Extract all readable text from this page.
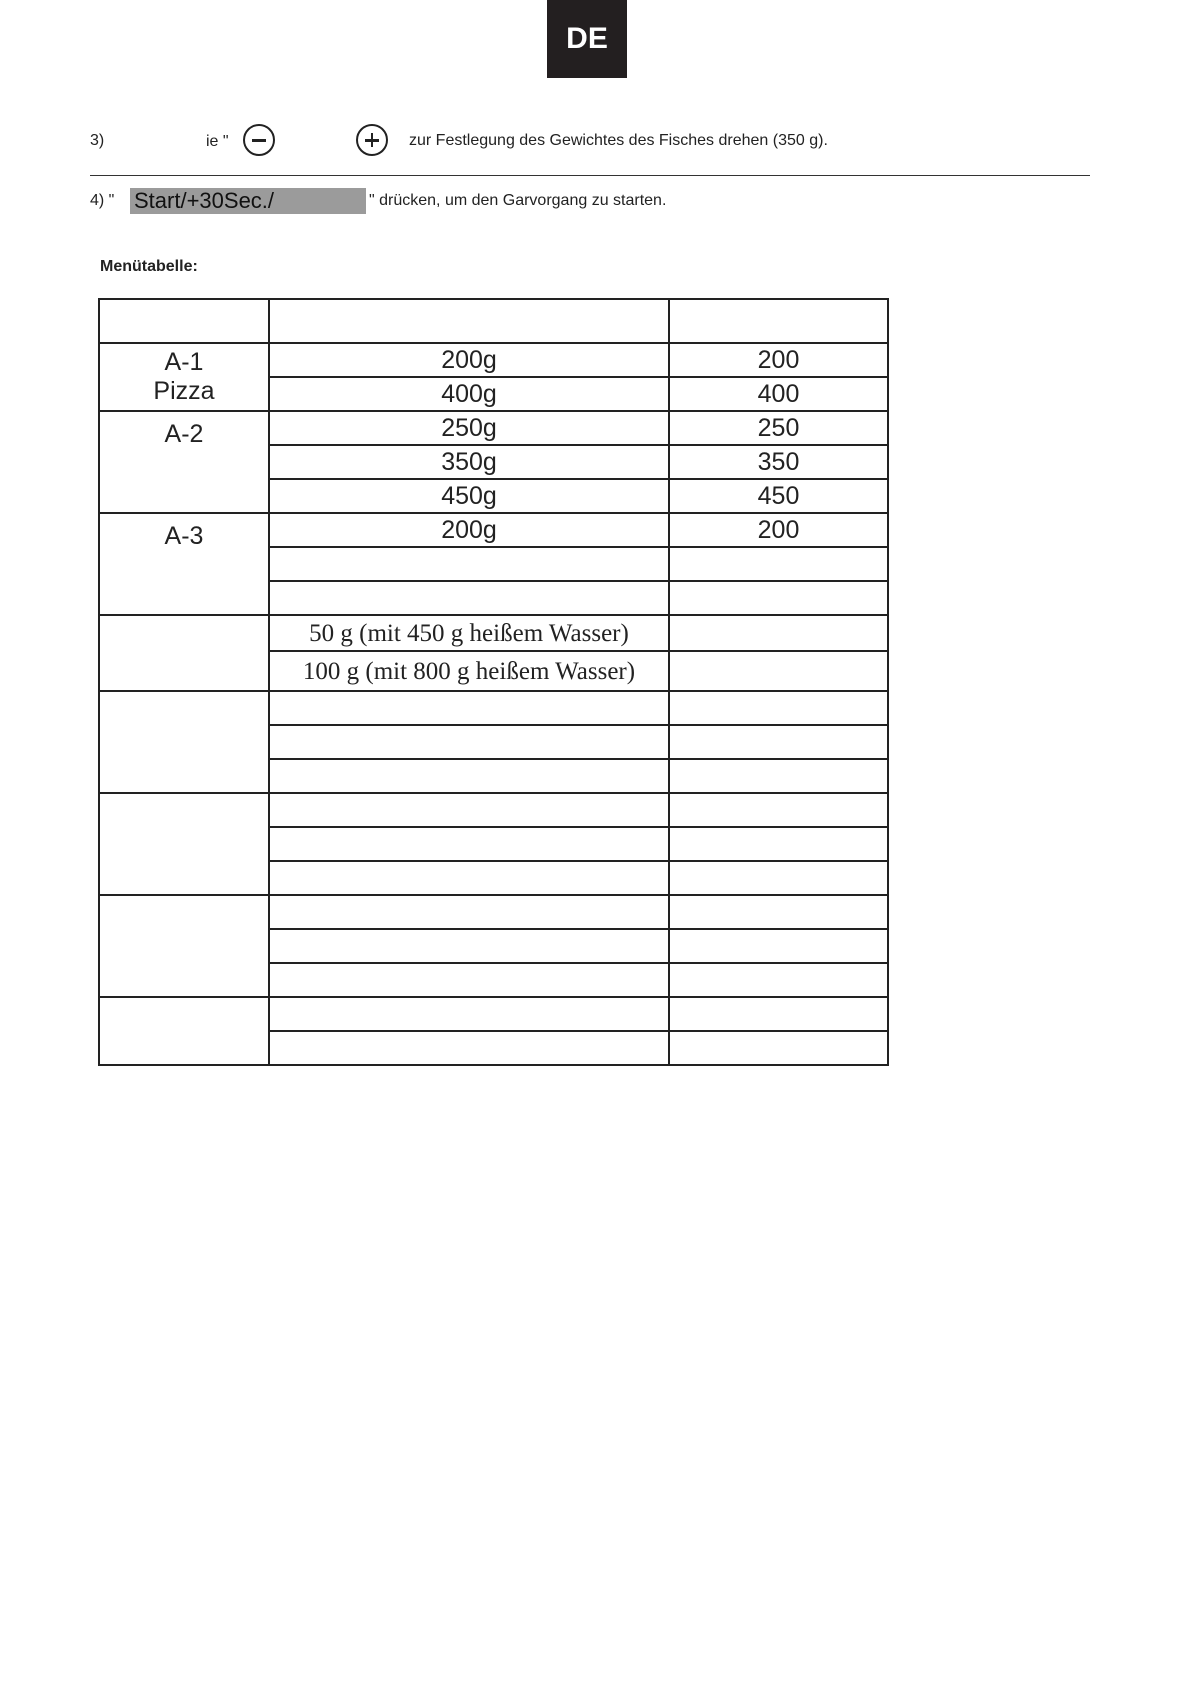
DE
3)	ie "	zur Festlegung des Gewichtes des Fisches drehen (350 g).
4) " Start/+30Sec./	" drücken, um den Garvorgang zu starten.
Menütabelle:

A-1
Pizza	200g	200
	400g	400

A-2	250g	250
	350g	350
	450g	450

A-3	200g	200

	50 g (mit 450 g heißem Wasser)	
	100 g (mit 800 g heißem Wasser)	
